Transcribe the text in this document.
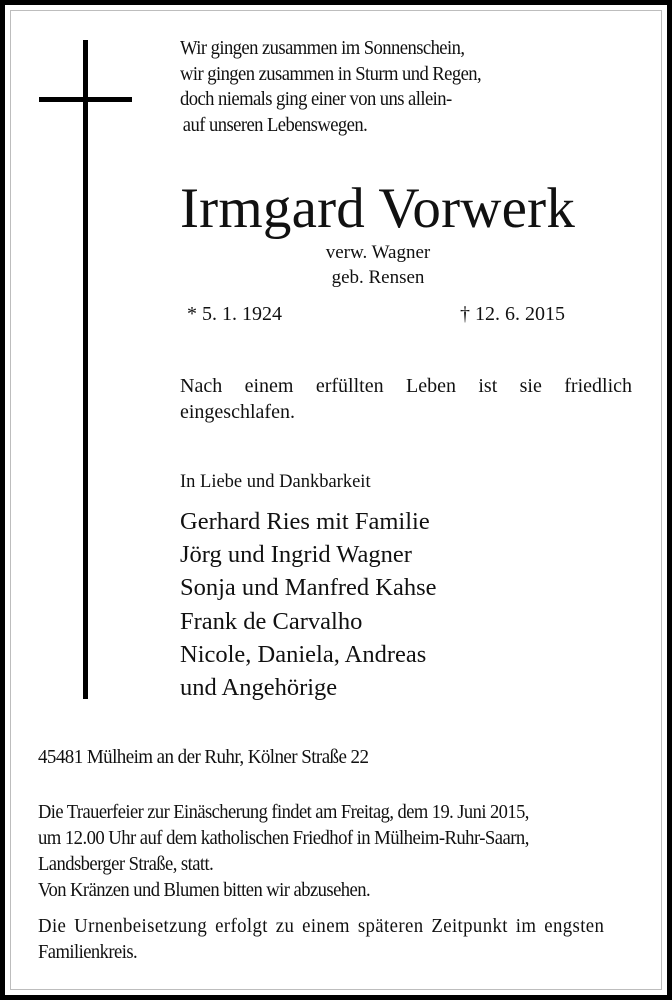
Wir gingen zusammen im Sonnenschein,
wir gingen zusammen in Sturm und Regen,
doch niemals ging einer von uns allein-
auf unseren Lebenswegen.
Irmgard Vorwerk
verw. Wagner
geb. Rensen
* 5. 1. 1924	† 12. 6. 2015
Nach einem erfüllten Leben ist sie friedlich
eingeschlafen.
In Liebe und Dankbarkeit
Gerhard Ries mit Familie
Jörg und Ingrid Wagner
Sonja und Manfred Kahse
Frank de Carvalho
Nicole, Daniela, Andreas
und Angehörige
45481 Mülheim an der Ruhr, Kölner Straße 22
Die Trauerfeier zur Einäscherung findet am Freitag, dem 19. Juni 2015,
um 12.00 Uhr auf dem katholischen Friedhof in Mülheim-Ruhr-Saarn,
Landsberger Straße, statt.
Von Kränzen und Blumen bitten wir abzusehen.
Die Urnenbeisetzung erfolgt zu einem späteren Zeitpunkt im engsten
Familienkreis.
